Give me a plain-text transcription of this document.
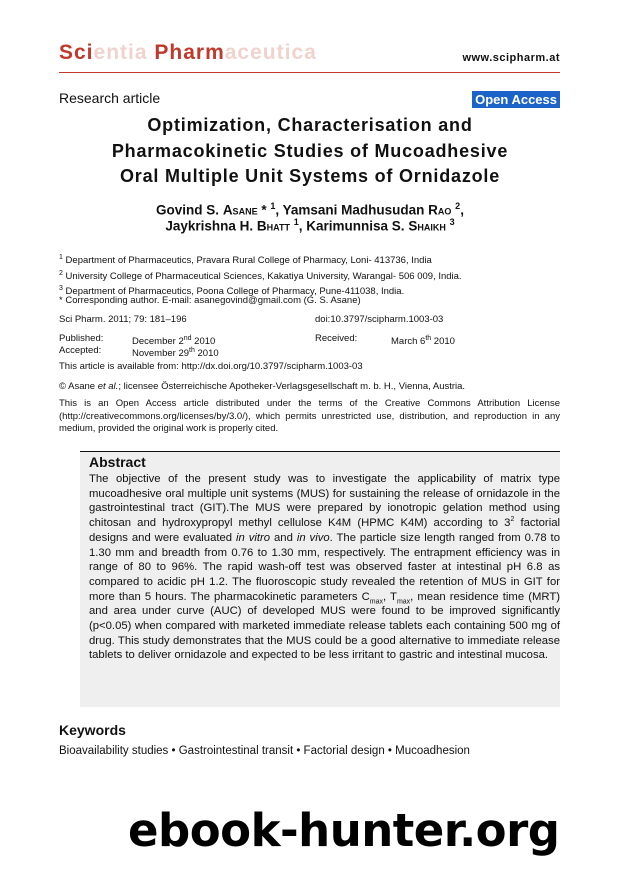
Scientia Pharmaceutica	www.scipharm.at
Research article	Open Access
Optimization, Characterisation and
Pharmacokinetic Studies of Mucoadhesive
Oral Multiple Unit Systems of Ornidazole
Govind S. Asane * $^1$, Yamsani Madhusudan Rao $^2$,
Jaykrishna H. Bhatt $^1$, Karimunnisa S. Shaikh $^3$
$^1$ Department of Pharmaceutics, Pravara Rural College of Pharmacy, Loni- 413736, India
$^2$ University College of Pharmaceutical Sciences, Kakatiya University, Warangal- 506 009, India.
$^3$ Department of Pharmaceutics, Poona College of Pharmacy, Pune-411038, India.
* Corresponding author. E-mail: asanegovind@gmail.com (G. S. Asane)
Sci Pharm. 2011; 79: 181–196	doi:10.3797/scipharm.1003-03
Published:	December 2nd 2010	Received:	March 6th 2010
Accepted:	November 29th 2010
This article is available from: http://dx.doi.org/10.3797/scipharm.1003-03
© Asane et al.; licensee Österreichische Apotheker-Verlagsgesellschaft m. b. H., Vienna, Austria.
This is an Open Access article distributed under the terms of the Creative Commons Attribution License (http://creativecommons.org/licenses/by/3.0/), which permits unrestricted use, distribution, and reproduction in any medium, provided the original work is properly cited.
Abstract
The objective of the present study was to investigate the applicability of matrix type mucoadhesive oral multiple unit systems (MUS) for sustaining the release of ornidazole in the gastrointestinal tract (GIT).The MUS were prepared by ionotropic gelation method using chitosan and hydroxypropyl methyl cellulose K4M (HPMC K4M) according to $3^2$ factorial designs and were evaluated in vitro and in vivo. The particle size length ranged from 0.78 to 1.30 mm and breadth from 0.76 to 1.30 mm, respectively. The entrapment efficiency was in range of 80 to 96%. The rapid wash-off test was observed faster at intestinal pH 6.8 as compared to acidic pH 1.2. The fluoroscopic study revealed the retention of MUS in GIT for more than 5 hours. The pharmacokinetic parameters $C_{max}$, $T_{max}$, mean residence time (MRT) and area under curve (AUC) of developed MUS were found to be improved significantly (p<0.05) when compared with marketed immediate release tablets each containing 500 mg of drug. This study demonstrates that the MUS could be a good alternative to immediate release tablets to deliver ornidazole and expected to be less irritant to gastric and intestinal mucosa.
Keywords
Bioavailability studies • Gastrointestinal transit • Factorial design • Mucoadhesion
ebook-hunter.org
